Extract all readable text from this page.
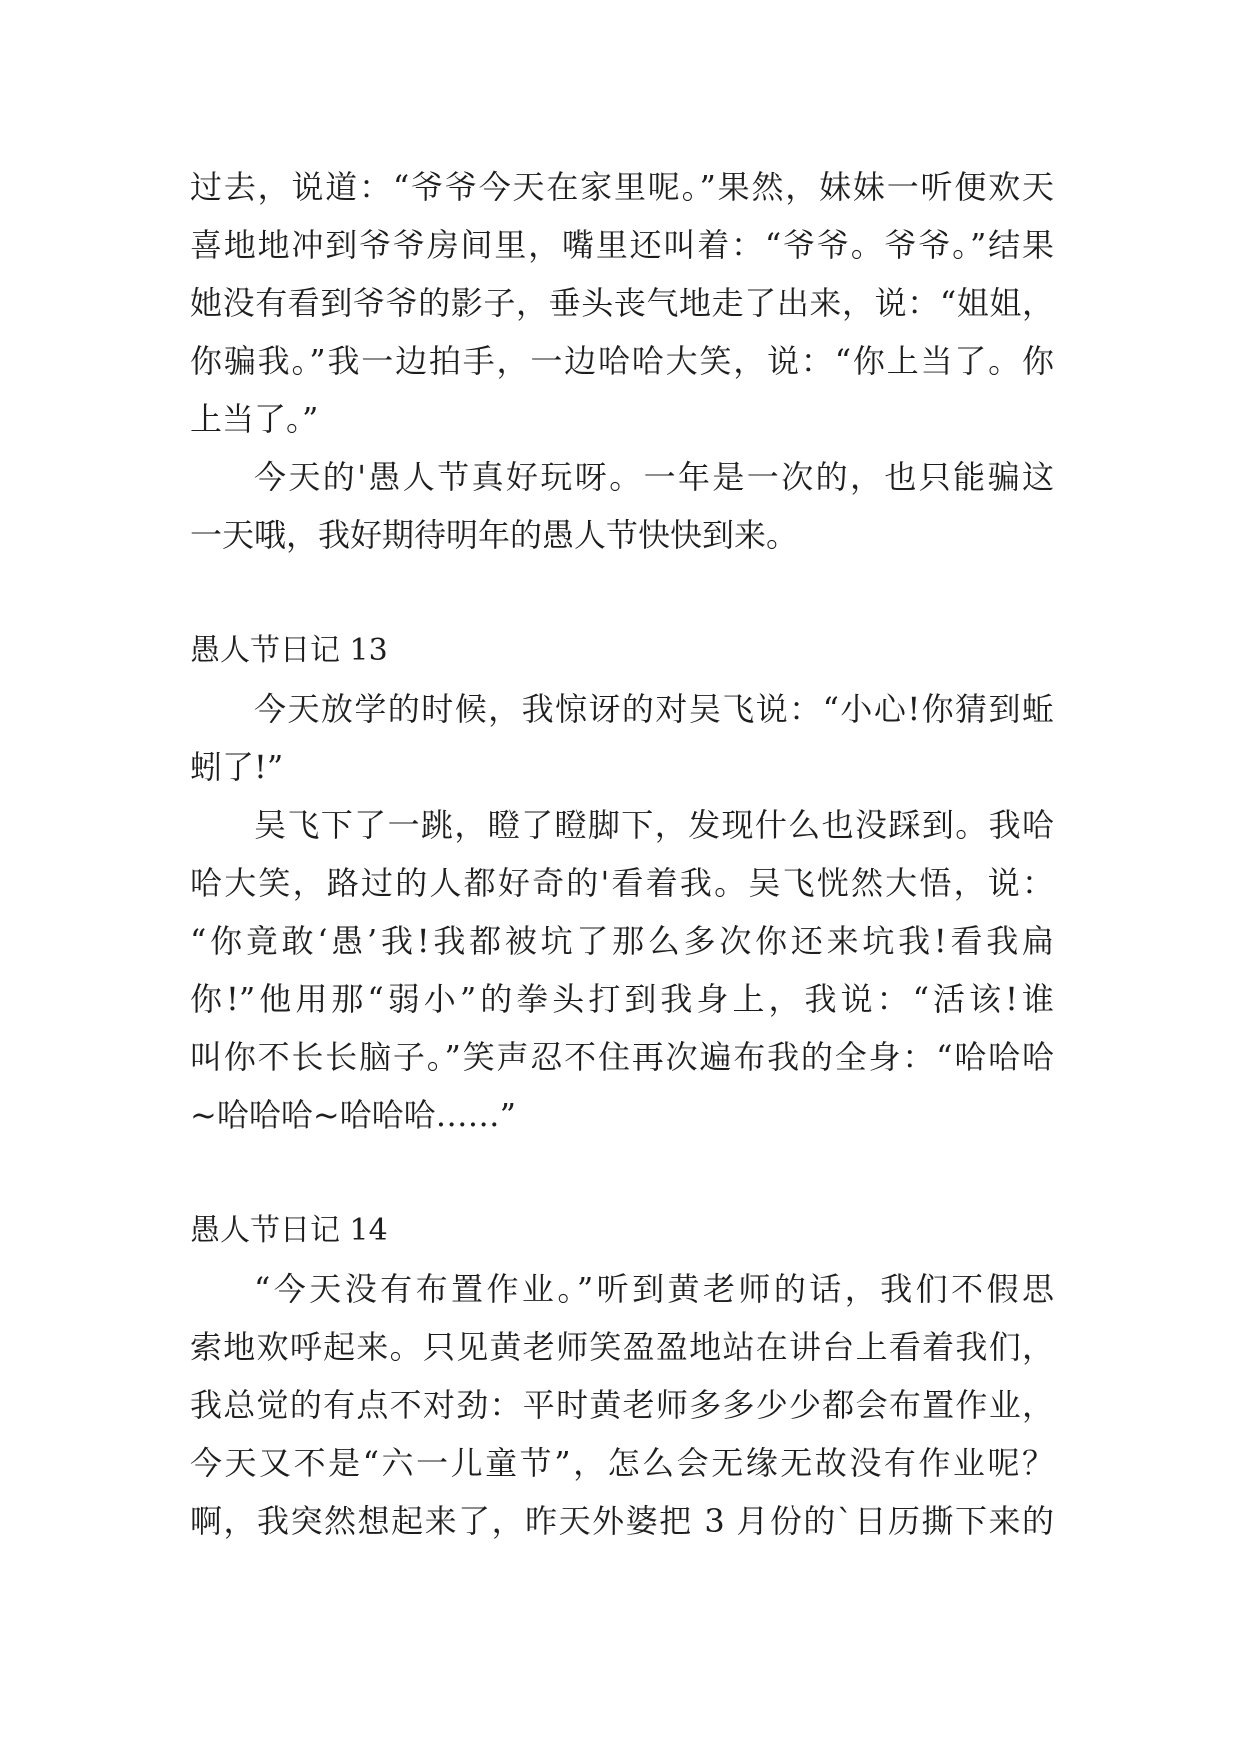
过去，说道：“爷爷今天在家里呢。”果然，妹妹一听便欢天
喜地地冲到爷爷房间里，嘴里还叫着：“爷爷。爷爷。”结果
她没有看到爷爷的影子，垂头丧气地走了出来，说：“姐姐，
你骗我。”我一边拍手，一边哈哈大笑，说：“你上当了。你
上当了。”
今天的'愚人节真好玩呀。一年是一次的，也只能骗这
一天哦，我好期待明年的愚人节快快到来。
愚人节日记 13
今天放学的时候，我惊讶的对吴飞说：“小心!你猜到蚯
蚓了!”
吴飞下了一跳，瞪了瞪脚下，发现什么也没踩到。我哈
哈大笑，路过的人都好奇的'看着我。吴飞恍然大悟，说：
“你竟敢‘愚’我!我都被坑了那么多次你还来坑我!看我扁
你!”他用那“弱小”的拳头打到我身上，我说：“活该!谁
叫你不长长脑子。”笑声忍不住再次遍布我的全身：“哈哈哈
~哈哈哈~哈哈哈……”
愚人节日记 14
“今天没有布置作业。”听到黄老师的话，我们不假思
索地欢呼起来。只见黄老师笑盈盈地站在讲台上看着我们，
我总觉的有点不对劲：平时黄老师多多少少都会布置作业，
今天又不是“六一儿童节”，怎么会无缘无故没有作业呢？
啊，我突然想起来了，昨天外婆把 3 月份的`日历撕下来的
